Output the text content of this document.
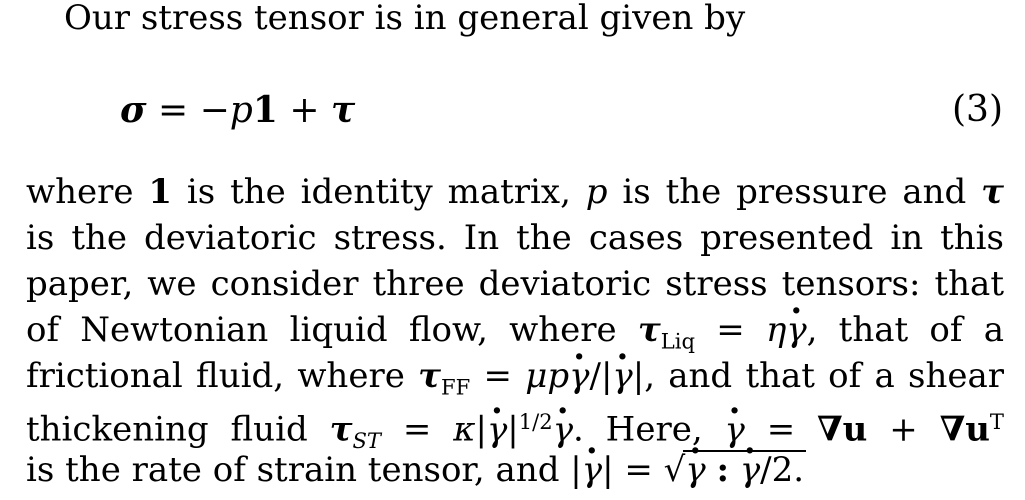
Our stress tensor is in general given by
σ = −p1 + τ	(3)
where 1 is the identity matrix, p is the pressure and τ
is the deviatoric stress. In the cases presented in this
paper, we consider three deviatoric stress tensors: that
of Newtonian liquid flow, where $\tau_{Liq} = \eta\cdot \gamma$, that of a
frictional fluid, where $\tau_{FF} = \mu p\cdot \gamma/|\cdot \gamma|$, and that of a shear
thickening fluid $\tau_{ST} = \kappa|\cdot \gamma|^{1/2}\cdot \gamma$. Here, · $\gamma = \nabla u + \nabla u^T$
is the rate of strain tensor, and |· γ| = √· γ : · γ/2.
